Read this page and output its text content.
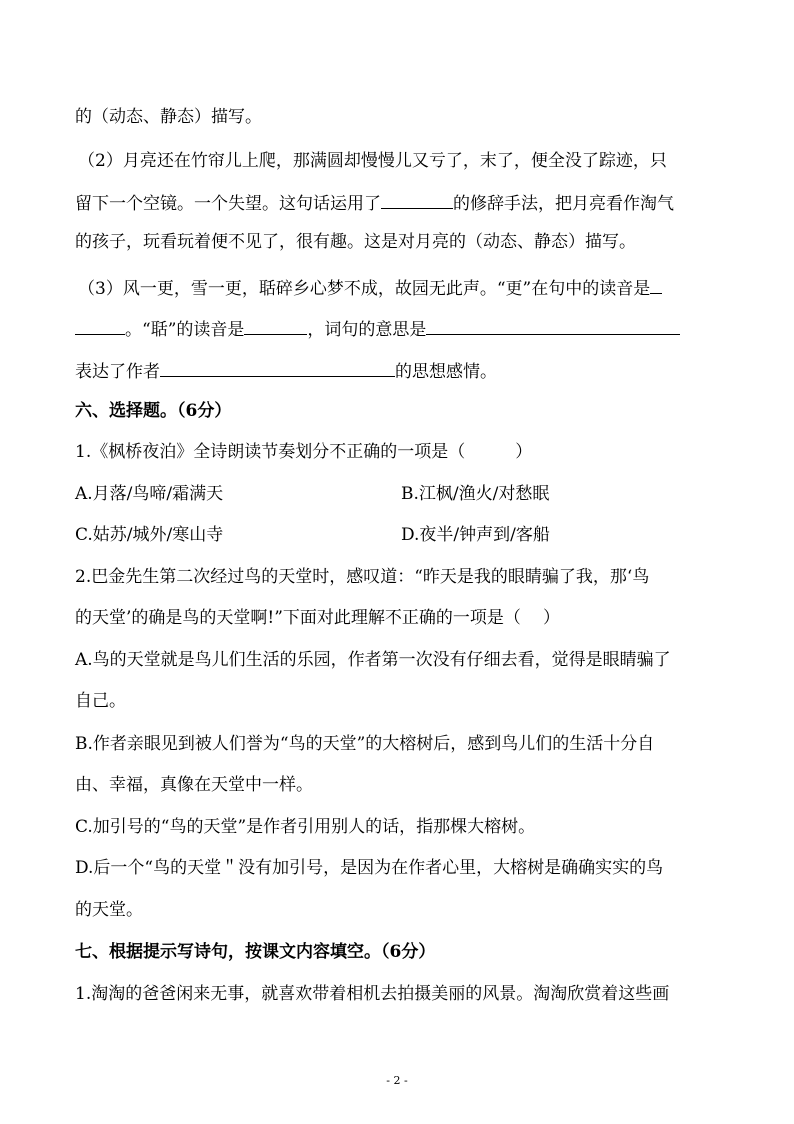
的（动态、静态）描写。
（2）月亮还在竹帘儿上爬，那满圆却慢慢儿又亏了，末了，便全没了踪迹，只
留下一个空镜。一个失望。这句话运用了	的修辞手法，把月亮看作淘气
的孩子，玩看玩着便不见了，很有趣。这是对月亮的（动态、静态）描写。
（3）风一更，雪一更，聒碎乡心梦不成，故园无此声。“更”在句中的读音是
。“聒”的读音是	，词句的意思是
表达了作者	的思想感情。
六、选择题。（6分）
1.《枫桥夜泊》全诗朗读节奏划分不正确的一项是（	）
A.月落/鸟啼/霜满天	B.江枫/渔火/对愁眠
C.姑苏/城外/寒山寺	D.夜半/钟声到/客船
2.巴金先生第二次经过鸟的天堂时，感叹道：“昨天是我的眼睛骗了我，那‘鸟
的天堂’的确是鸟的天堂啊!”下面对此理解不正确的一项是（ ）
A.鸟的天堂就是鸟儿们生活的乐园，作者第一次没有仔细去看，觉得是眼睛骗了
自己。
B.作者亲眼见到被人们誉为“鸟的天堂”的大榕树后，感到鸟儿们的生活十分自
由、幸福，真像在天堂中一样。
C.加引号的“鸟的天堂”是作者引用别人的话，指那棵大榕树。
D.后一个“鸟的天堂＂没有加引号，是因为在作者心里，大榕树是确确实实的鸟
的天堂。
七、根据提示写诗句，按课文内容填空。（6分）
1.淘淘的爸爸闲来无事，就喜欢带着相机去拍摄美丽的风景。淘淘欣赏着这些画
- 2 -
